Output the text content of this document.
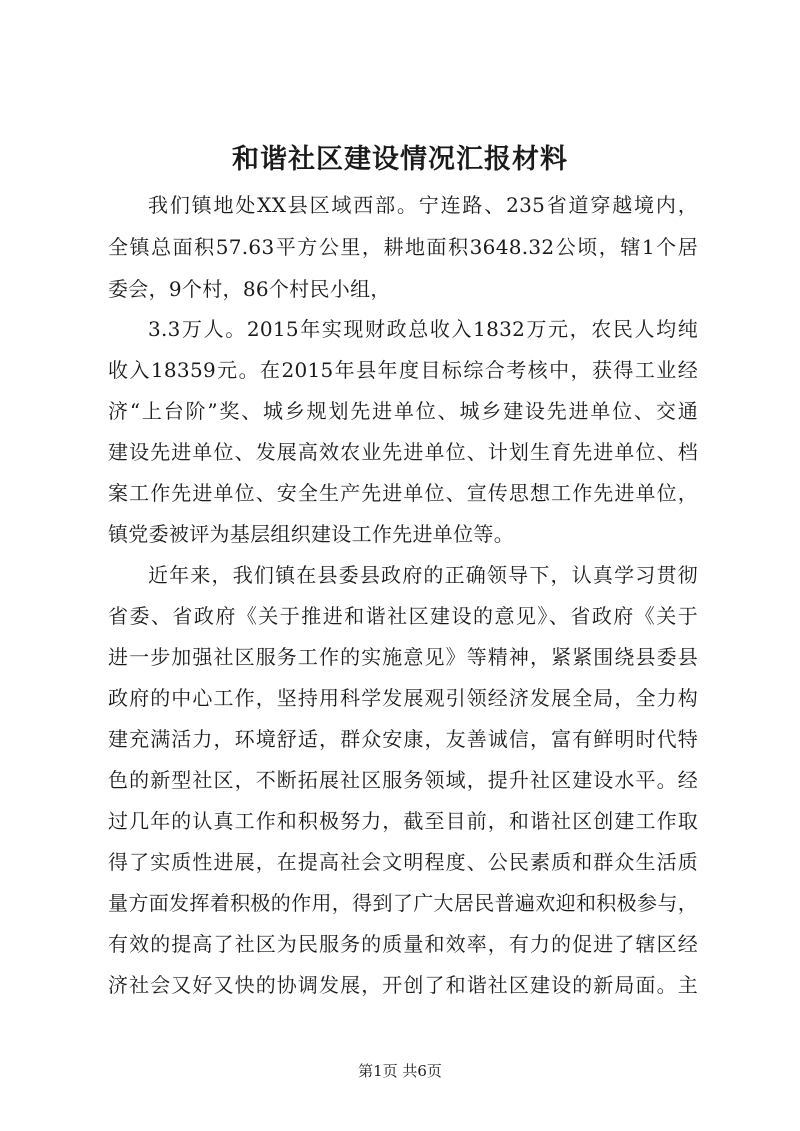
和谐社区建设情况汇报材料
我们镇地处XX县区域西部。宁连路、235省道穿越境内，
全镇总面积57.63平方公里，耕地面积3648.32公顷，辖1个居
委会，9个村，86个村民小组，
3.3万人。2015年实现财政总收入1832万元，农民人均纯
收入18359元。在2015年县年度目标综合考核中，获得工业经
济“上台阶”奖、城乡规划先进单位、城乡建设先进单位、交通
建设先进单位、发展高效农业先进单位、计划生育先进单位、档
案工作先进单位、安全生产先进单位、宣传思想工作先进单位，
镇党委被评为基层组织建设工作先进单位等。
近年来，我们镇在县委县政府的正确领导下，认真学习贯彻
省委、省政府《关于推进和谐社区建设的意见》、省政府《关于
进一步加强社区服务工作的实施意见》等精神，紧紧围绕县委县
政府的中心工作，坚持用科学发展观引领经济发展全局，全力构
建充满活力，环境舒适，群众安康，友善诚信，富有鲜明时代特
色的新型社区，不断拓展社区服务领域，提升社区建设水平。经
过几年的认真工作和积极努力，截至目前，和谐社区创建工作取
得了实质性进展，在提高社会文明程度、公民素质和群众生活质
量方面发挥着积极的作用，得到了广大居民普遍欢迎和积极参与，
有效的提高了社区为民服务的质量和效率，有力的促进了辖区经
济社会又好又快的协调发展，开创了和谐社区建设的新局面。主
第1页 共6页
